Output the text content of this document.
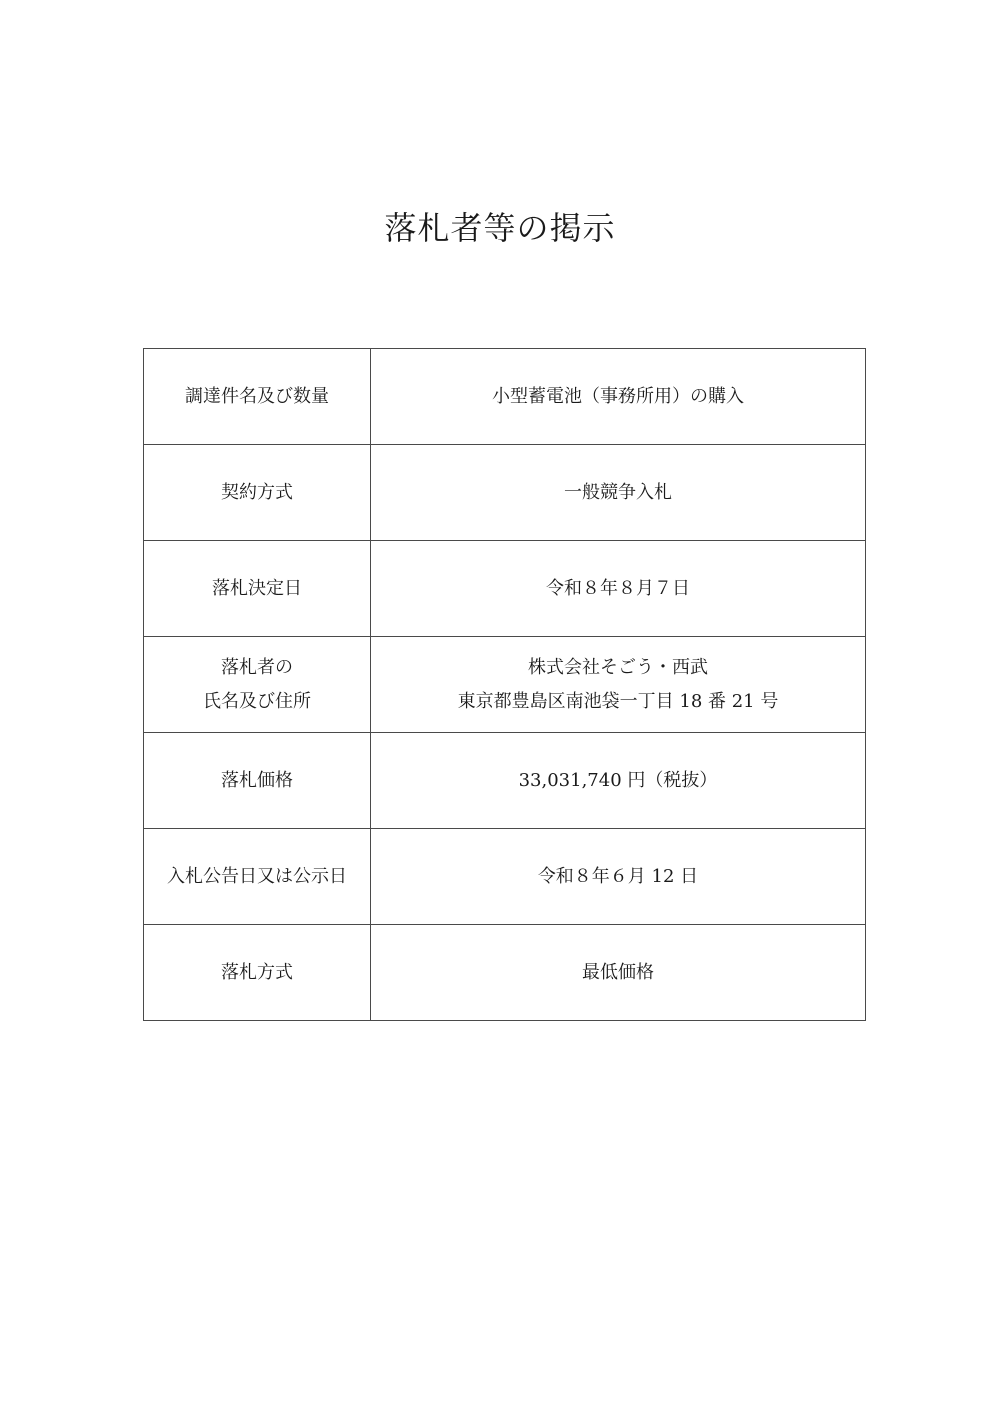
落札者等の掲示
調達件名及び数量	小型蓄電池（事務所用）の購入

契約方式	一般競争入札

落札決定日	令和８年８月７日

落札者の
氏名及び住所	株式会社そごう・西武
東京都豊島区南池袋一丁目 18 番 21 号

落札価格	33,031,740 円（税抜）

入札公告日又は公示日	令和８年６月 12 日

落札方式	最低価格
